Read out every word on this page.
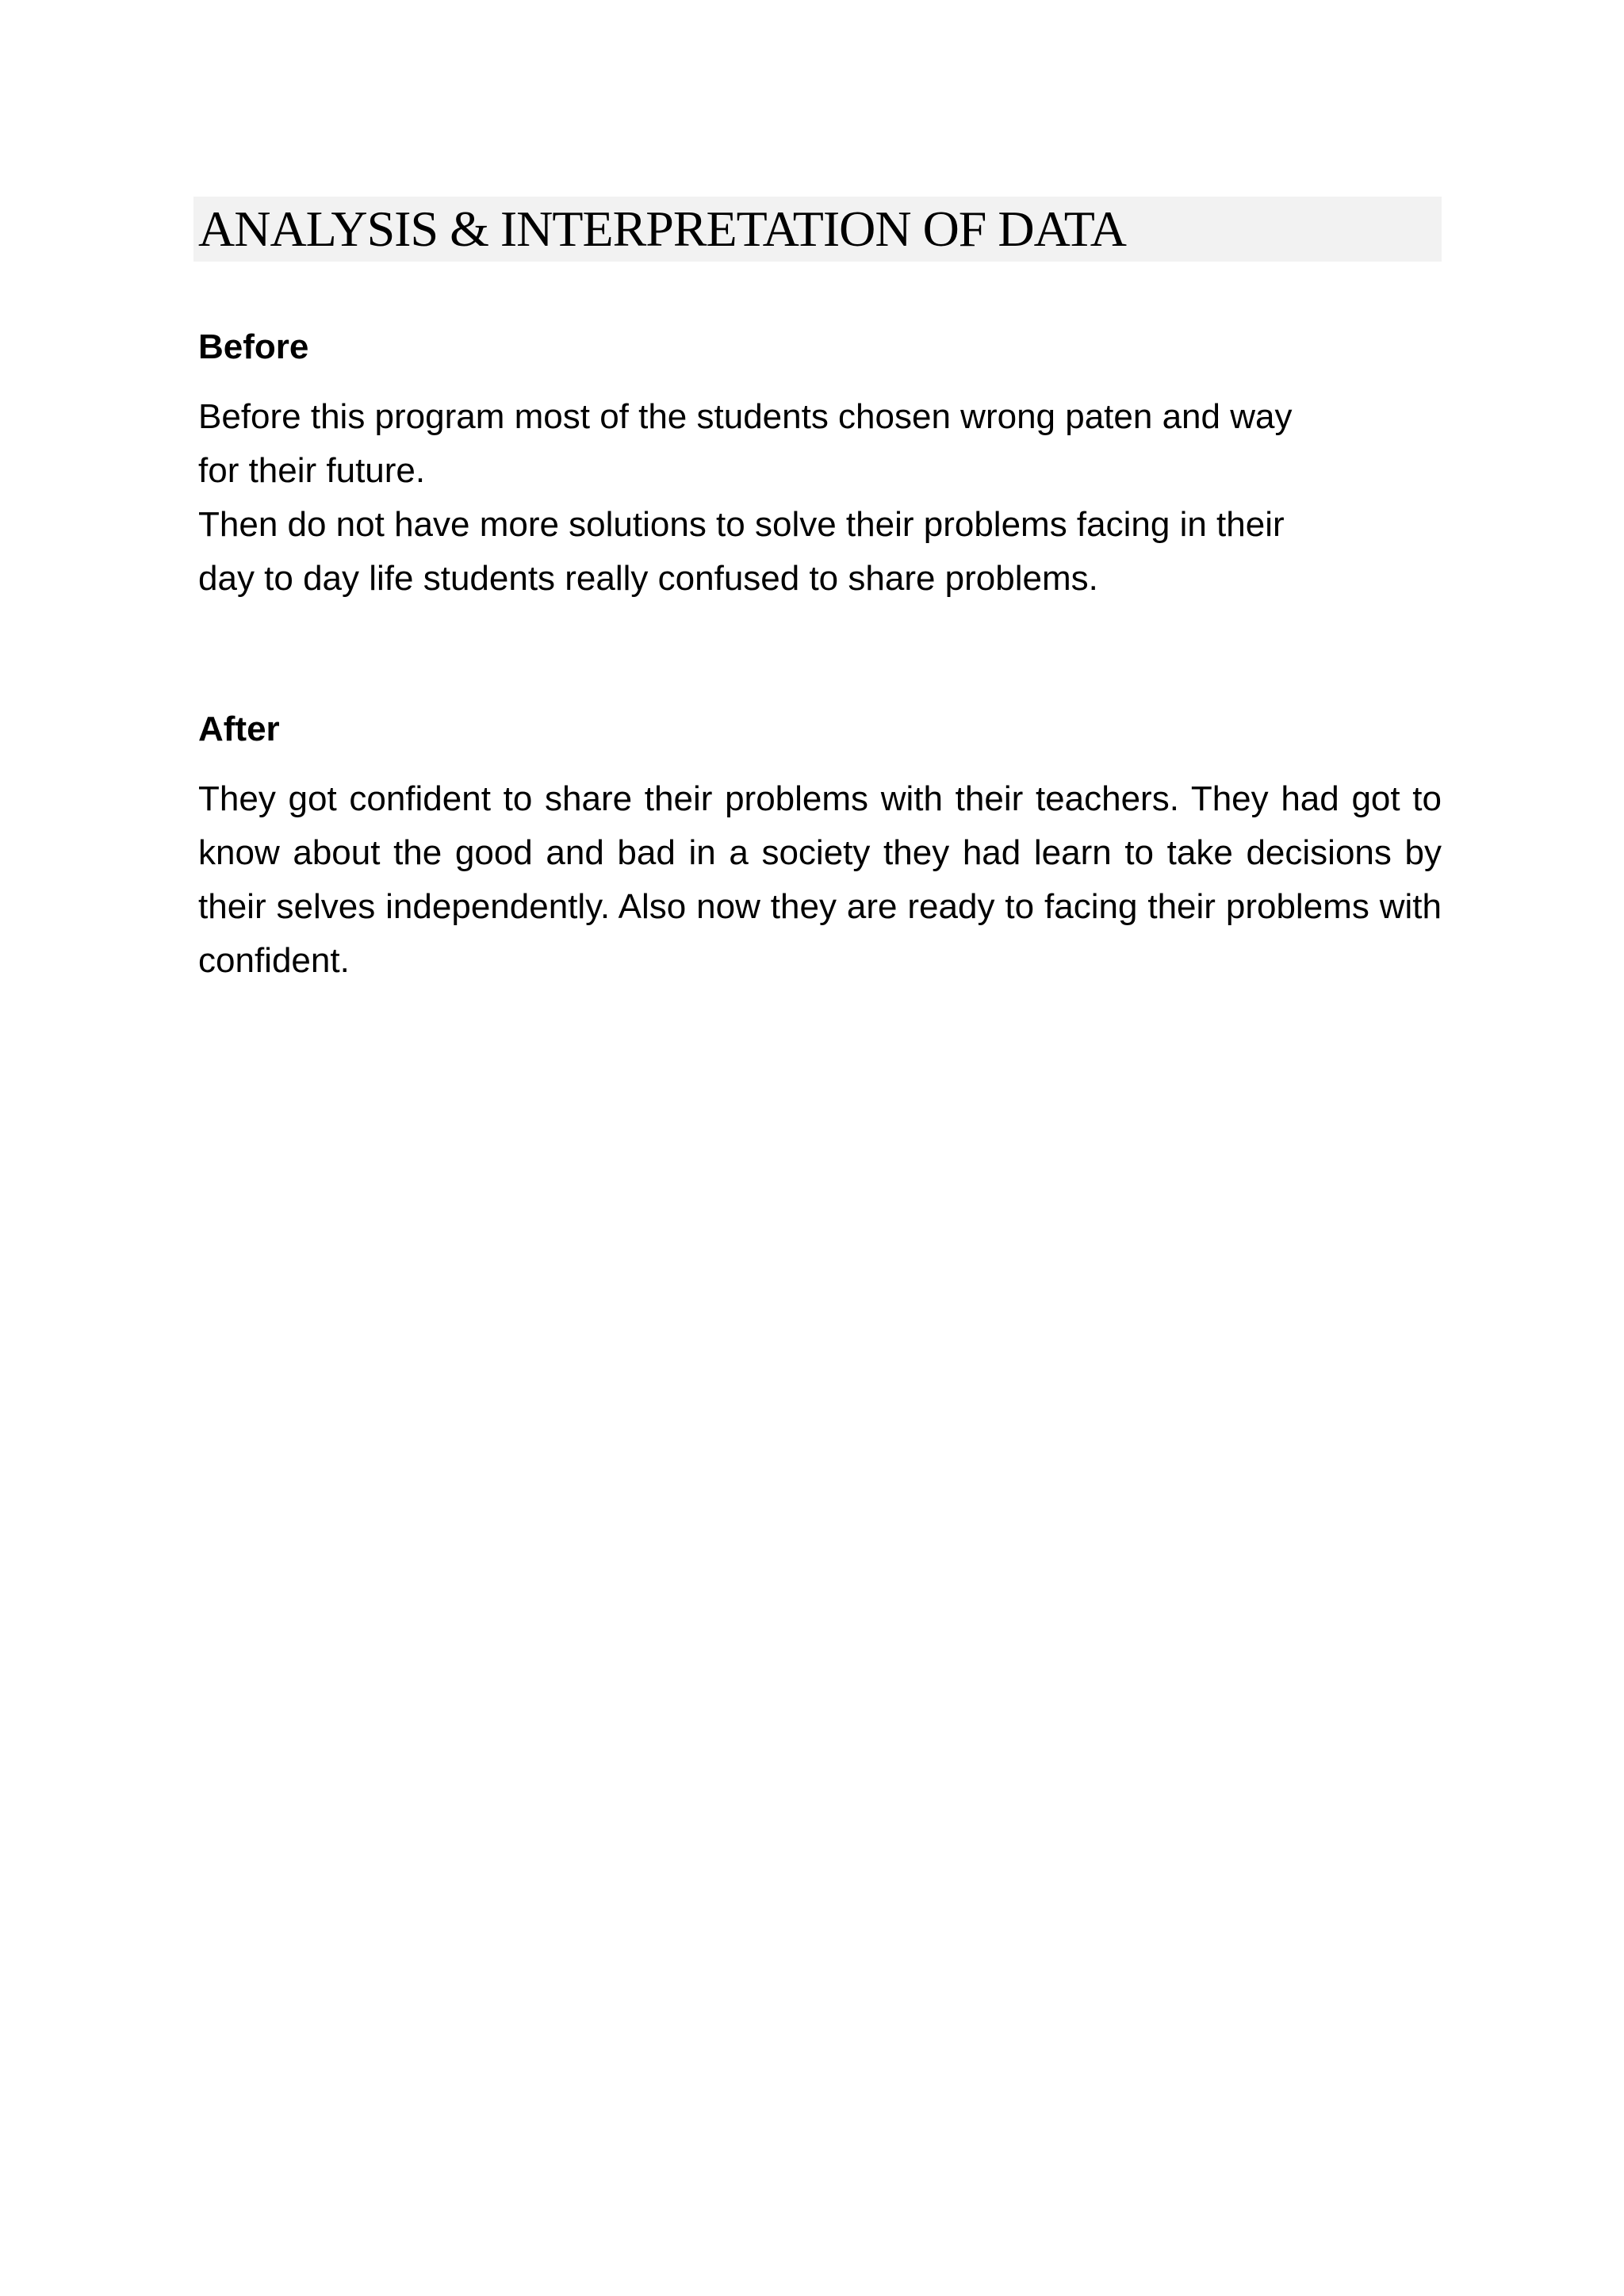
ANALYSIS & INTERPRETATION OF DATA
Before

Before this program most of the students chosen wrong paten and way
for their future.
Then do not have more solutions to solve their problems facing in their
day to day life students really confused to share problems.

After

They got confident to share their problems with their teachers. They had got to know about the good and bad in a society they had learn to take decisions by their selves independently. Also now they are ready to facing their problems with confident.
